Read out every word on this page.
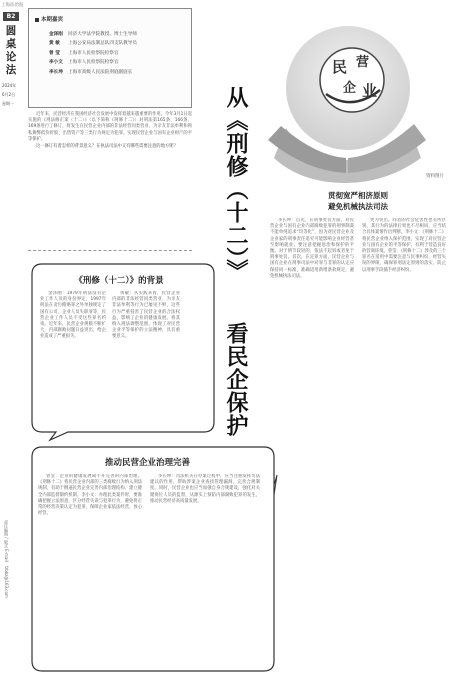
上海法治报
B2
圆桌
论法
2024年
6月2日
星期一
责任编辑 / 版式 E-mail：fzbbz@163.com
本期嘉宾
金泽刚 同济大学法学院教授、博士生导师
黄 敏 上海公安局法制总队四支队教导员
曾 莹 上海市人民检察院检察官
李小文 上海市人民检察院检察官
李长坤 上海市高级人民法院刑庭副庭长

近年来，民营经济在我国经济社会发展中发挥着越来越重要的作用。今年3月1日起实施的《刑法修正案（十二）》（以下简称《刑修十二》）对刑法第165条、166条、169条进行了修订，将发生在民营企业内部的非法经营同类营业、为亲友非法牟利和徇私舞弊低价折股、出售资产等三类行为规定为犯罪。实现民营企业与国有企业财产的平等保护。

这一修订有着怎样的背景意义？在执法司法中又有哪些需要注意的地方呢？

民 营
企 业
资料图片
从《刑修（十二）》
看民企保护
贯彻宽严相济原则
避免机械执法司法

李长坤：首先，在刑事处罚方面，对民营企业与国有企业内部腐败犯罪的刑事制裁不能单纯追求“均等化”，因为对民营企业及企业家的刑事责任追究可能影响企业经营甚至影响就业，要注意把握惩治和保护的平衡。对于情节较轻的，依法不起诉或者免于刑事处罚。其次，在定罪方面，民营企业与国有企业在刑事司法中对罪与非罪的认定应保持同一标准，准确适用新增条款规定，避免机械执法司法。

更为突出。同者的社会危害性也有所区别，其行为的法律后果也不尽相同，应当结合具体案情作出判断。李小文：《刑修十二》将民营企业纳入保护范围，实现了对民营企业与国有企业的平等保护，有利于营造良好的营商环境。曾莹：《刑修十二》涉及的三个罪名在适用中需要注意与民事纠纷、经营失误的界限，确保罪刑法定原则的落实，防止以刑事手段插手经济纠纷。

《刑修（十二）》的背景

金泽刚：1979年刑法没有企业工作人员的身份界定，1997年刑法在贪污贿赂罪之外单独规定了国有公司、企业人员失职罪等，民营企业工作人员不受这些罪名约束。近年来，民营企业规模不断扩大，内部腐败问题日益突出，给企业造成了严重损失。

黄敏：从实践来看，民营企业内部的非法经营同类营业、为亲友非法牟利等行为已屡见不鲜，这些行为严重侵害了民营企业的合法权益，影响了企业的健康发展。将其纳入刑法调整范围，体现了对民营企业平等保护的立法精神，具有重要意义。

推动民营企业治理完善

曾莹：企业的健康发展离不开完善的内部治理。《刑修十二》将民营企业内部的三类腐败行为纳入刑法规制，有助于倒逼民营企业完善内部治理结构，建立健全内部监督制约机制。李小文：办理此类案件时，要准确把握立法原意，区分经营失误与犯罪行为，避免将正常的经营决策认定为犯罪，保障企业家依法经营、放心经营。

李长坤：司法机关在办案过程中，应当注重发挥司法建议的作用，帮助涉案企业查找管理漏洞，完善合规制度。同时，民营企业也应当加强自身合规建设，强化对关键岗位人员的监督，从源头上预防内部腐败犯罪的发生，推动民营经济高质量发展。
